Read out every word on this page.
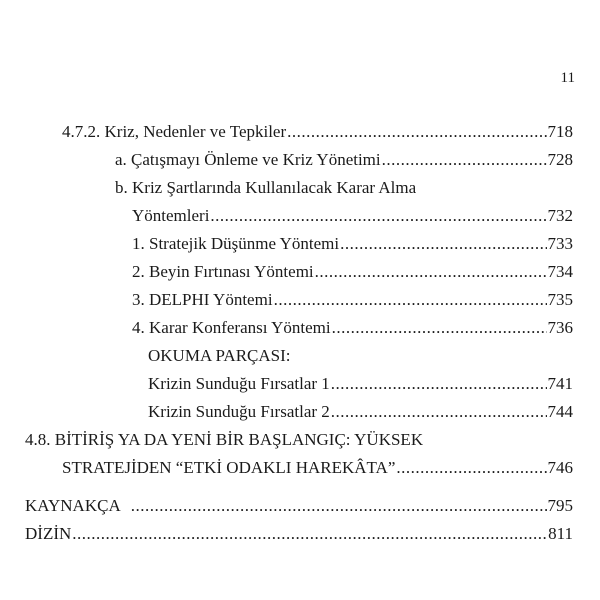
11
4.7.2. Kriz, Nedenler ve Tepkiler .....	718
a. Çatışmayı Önleme ve Kriz Yönetimi .....	728
b. Kriz Şartlarında Kullanılacak Karar Alma
Yöntemleri .....	732
1. Stratejik Düşünme Yöntemi .....	733
2. Beyin Fırtınası Yöntemi .....	734
3. DELPHI Yöntemi .....	735
4. Karar Konferansı Yöntemi .....	736
OKUMA PARÇASI:
Krizin Sunduğu Fırsatlar 1 .....	741
Krizin Sunduğu Fırsatlar 2 .....	744
4.8. BİTİRİŞ YA DA YENİ BİR BAŞLANGIÇ: YÜKSEK
STRATEJİDEN “ETKİ ODAKLI HAREKÂTA” .....	746
KAYNAKÇA .....	795
DİZİN .....	811
